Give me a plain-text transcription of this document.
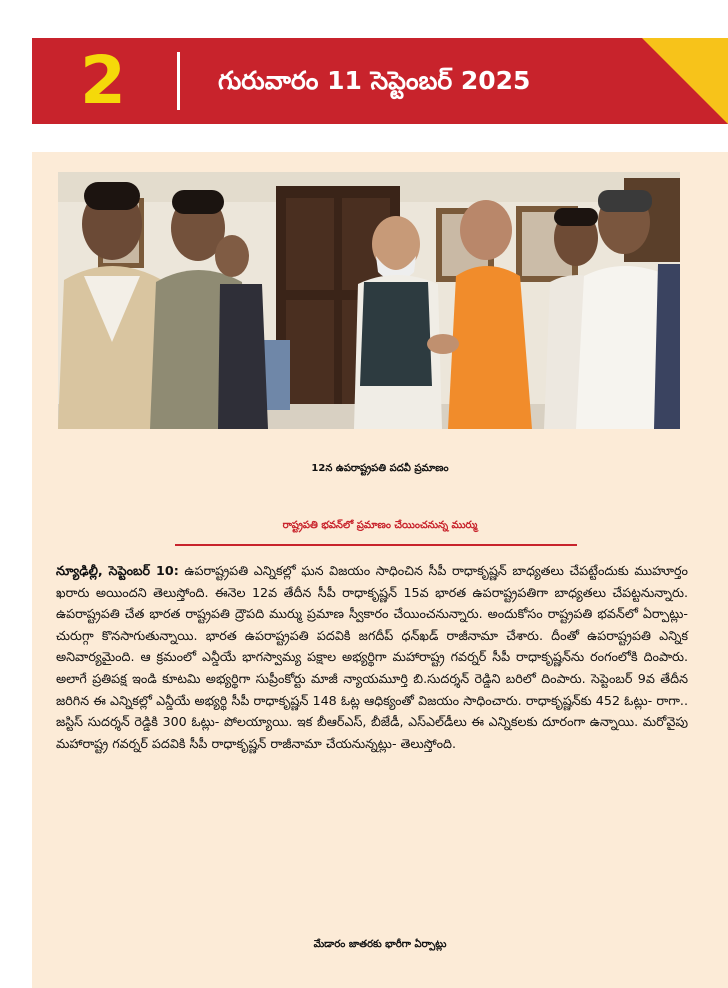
2	గురువారం 11 సెప్టెంబర్ 2025
12న ఉపరాష్ట్రపతి పదవీ ప్రమాణం
రాష్ట్రపతి భవన్‌లో ప్రమాణం చేయించనున్న ముర్ము
న్యూఢిల్లీ, సెప్టెంబర్ 10: ఉపరాష్ట్రపతి ఎన్నికల్లో ఘన విజయం సాధించిన సీపీ రాధాకృష్ణన్ బాధ్యతలు చేపట్టేందుకు ముహూర్తం ఖరారు అయిందని తెలుస్తోంది. ఈనెల 12వ తేదీన సీపీ రాధాకృష్ణన్ 15వ భారత ఉపరాష్ట్రపతిగా బాధ్యతలు చేపట్టనున్నారు. ఉపరాష్ట్రపతి చేత భారత రాష్ట్రపతి ద్రౌపది ముర్ము ప్రమాణ స్వీకారం చేయించనున్నారు. అందుకోసం రాష్ట్రపతి భవన్‌లో ఏర్పాట్లు- చురుగ్గా కొనసాగుతున్నాయి. భారత ఉపరాష్ట్రపతి పదవికి జగదీప్ ధన్‌ఖడ్ రాజీనామా చేశారు. దీంతో ఉపరాష్ట్రపతి ఎన్నిక అనివార్యమైంది. ఆ క్రమంలో ఎన్డీయే భాగస్వామ్య పక్షాల అభ్యర్థిగా మహారాష్ట్ర గవర్నర్ సీపీ రాధాకృష్ణన్‌ను రంగంలోకి దింపారు. అలాగే ప్రతిపక్ష ఇండి కూటమి అభ్యర్థిగా సుప్రీంకోర్టు మాజీ న్యాయమూర్తి బి.సుదర్శన్ రెడ్డిని బరిలో దింపారు. సెప్టెంబర్ 9వ తేదీన జరిగిన ఈ ఎన్నికల్లో ఎన్డీయే అభ్యర్థి సీపీ రాధాకృష్ణన్ 148 ఓట్ల ఆధిక్యంతో విజయం సాధించారు. రాధాకృష్ణన్‌కు 452 ఓట్లు- రాగా.. జస్టిస్ సుదర్శన్ రెడ్డికి 300 ఓట్లు- పోలయ్యాయి. ఇక బీఆర్ఎస్, బీజేడీ, ఎస్ఎల్‌డీలు ఈ ఎన్నికలకు దూరంగా ఉన్నాయి. మరోవైపు మహారాష్ట్ర గవర్నర్ పదవికి సీపీ రాధాకృష్ణన్ రాజీనామా చేయనున్నట్లు- తెలుస్తోంది.
మేడారం జాతరకు భారీగా ఏర్పాట్లు
